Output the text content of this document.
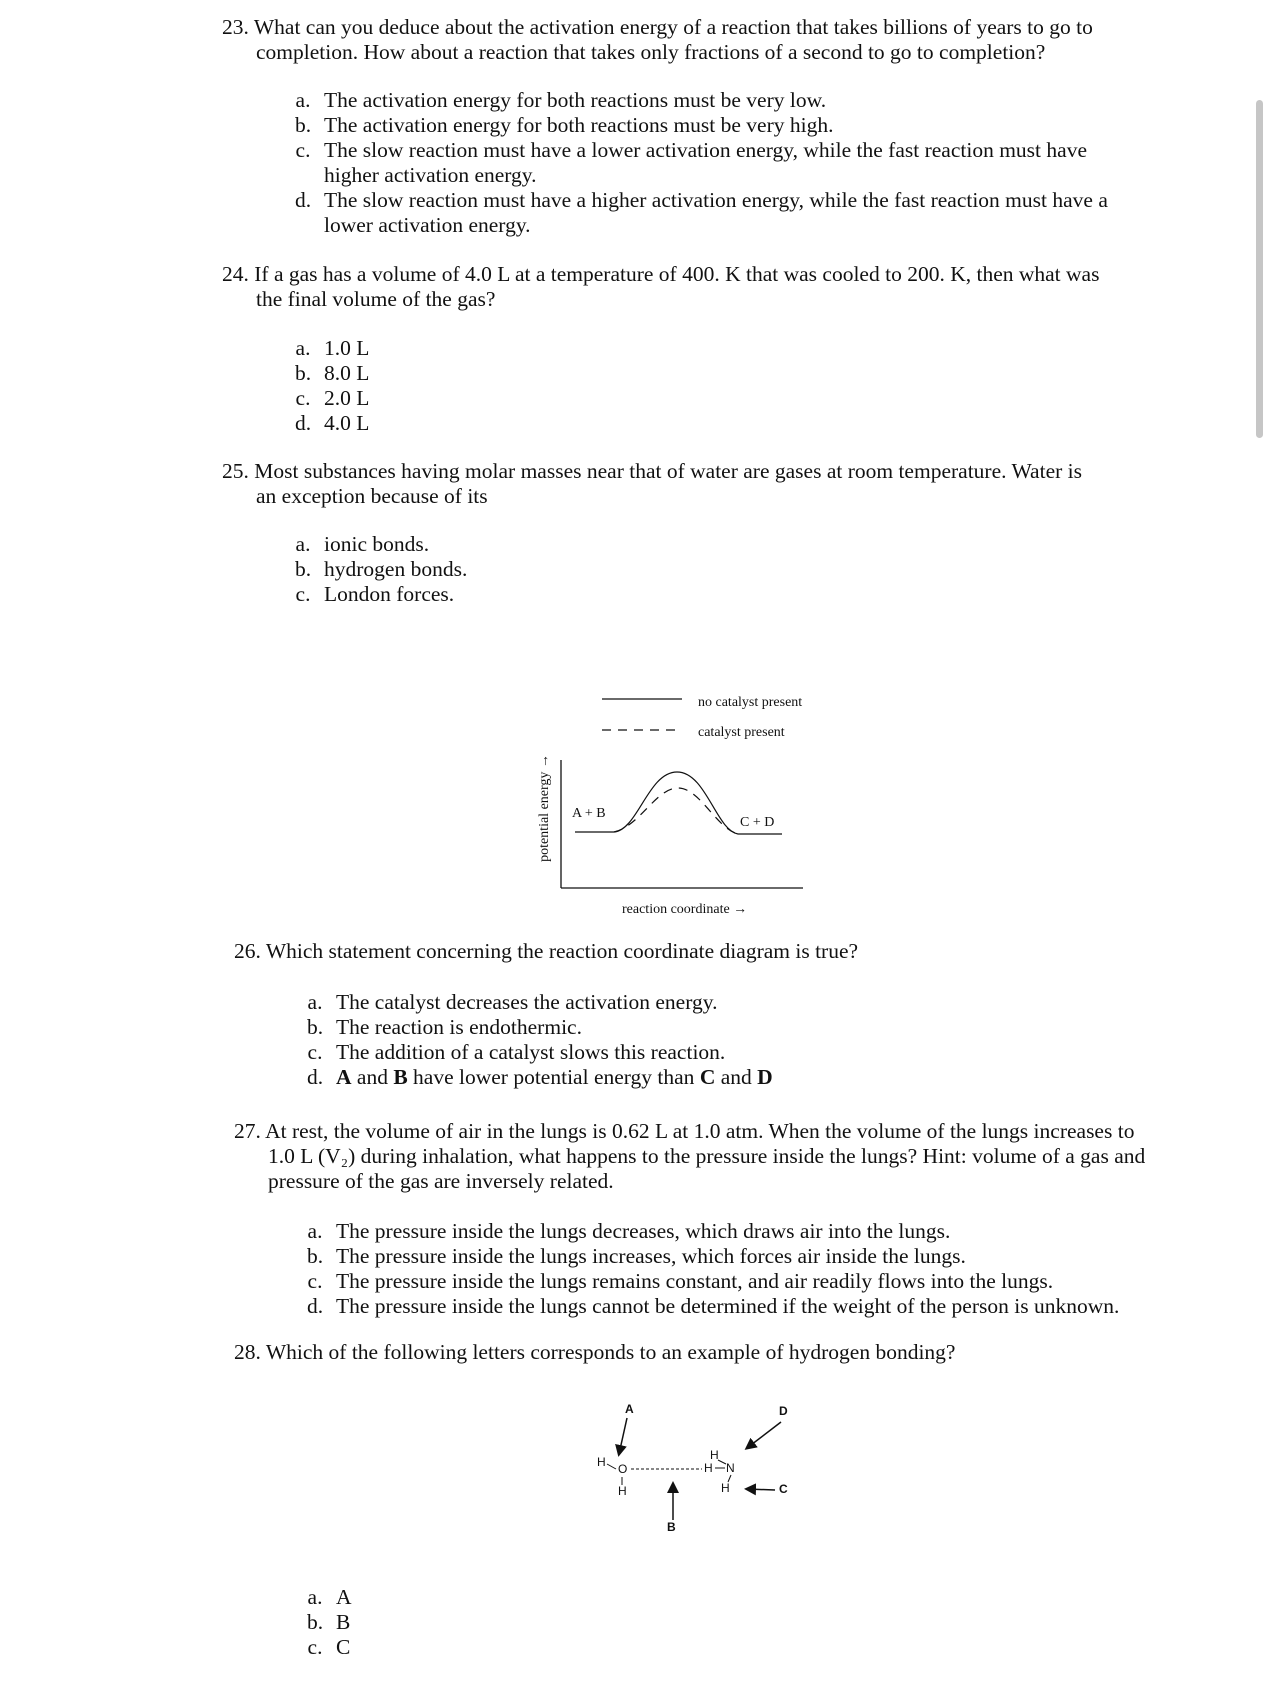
23. What can you deduce about the activation energy of a reaction that takes billions of years to go to completion. How about a reaction that takes only fractions of a second to go to completion?
a. The activation energy for both reactions must be very low.
b. The activation energy for both reactions must be very high.
c. The slow reaction must have a lower activation energy, while the fast reaction must have higher activation energy.
d. The slow reaction must have a higher activation energy, while the fast reaction must have a lower activation energy.
24. If a gas has a volume of 4.0 L at a temperature of 400. K that was cooled to 200. K, then what was the final volume of the gas?
a. 1.0 L
b. 8.0 L
c. 2.0 L
d. 4.0 L
25. Most substances having molar masses near that of water are gases at room temperature. Water is an exception because of its
a. ionic bonds.
b. hydrogen bonds.
c. London forces.
no catalyst present
catalyst present
potential energy → A + B
C + D
reaction coordinate →
26. Which statement concerning the reaction coordinate diagram is true?
a. The catalyst decreases the activation energy.
b. The reaction is endothermic.
c. The addition of a catalyst slows this reaction.
d. A and B have lower potential energy than C and D
27. At rest, the volume of air in the lungs is 0.62 L at 1.0 atm. When the volume of the lungs increases to 1.0 L (V₂) during inhalation, what happens to the pressure inside the lungs? Hint: volume of a gas and pressure of the gas are inversely related.
a. The pressure inside the lungs decreases, which draws air into the lungs.
b. The pressure inside the lungs increases, which forces air inside the lungs.
c. The pressure inside the lungs remains constant, and air readily flows into the lungs.
d. The pressure inside the lungs cannot be determined if the weight of the person is unknown.
28. Which of the following letters corresponds to an example of hydrogen bonding?
A	D
C
B
H O
H
H N
H
H
a. A
b. B
c. C
